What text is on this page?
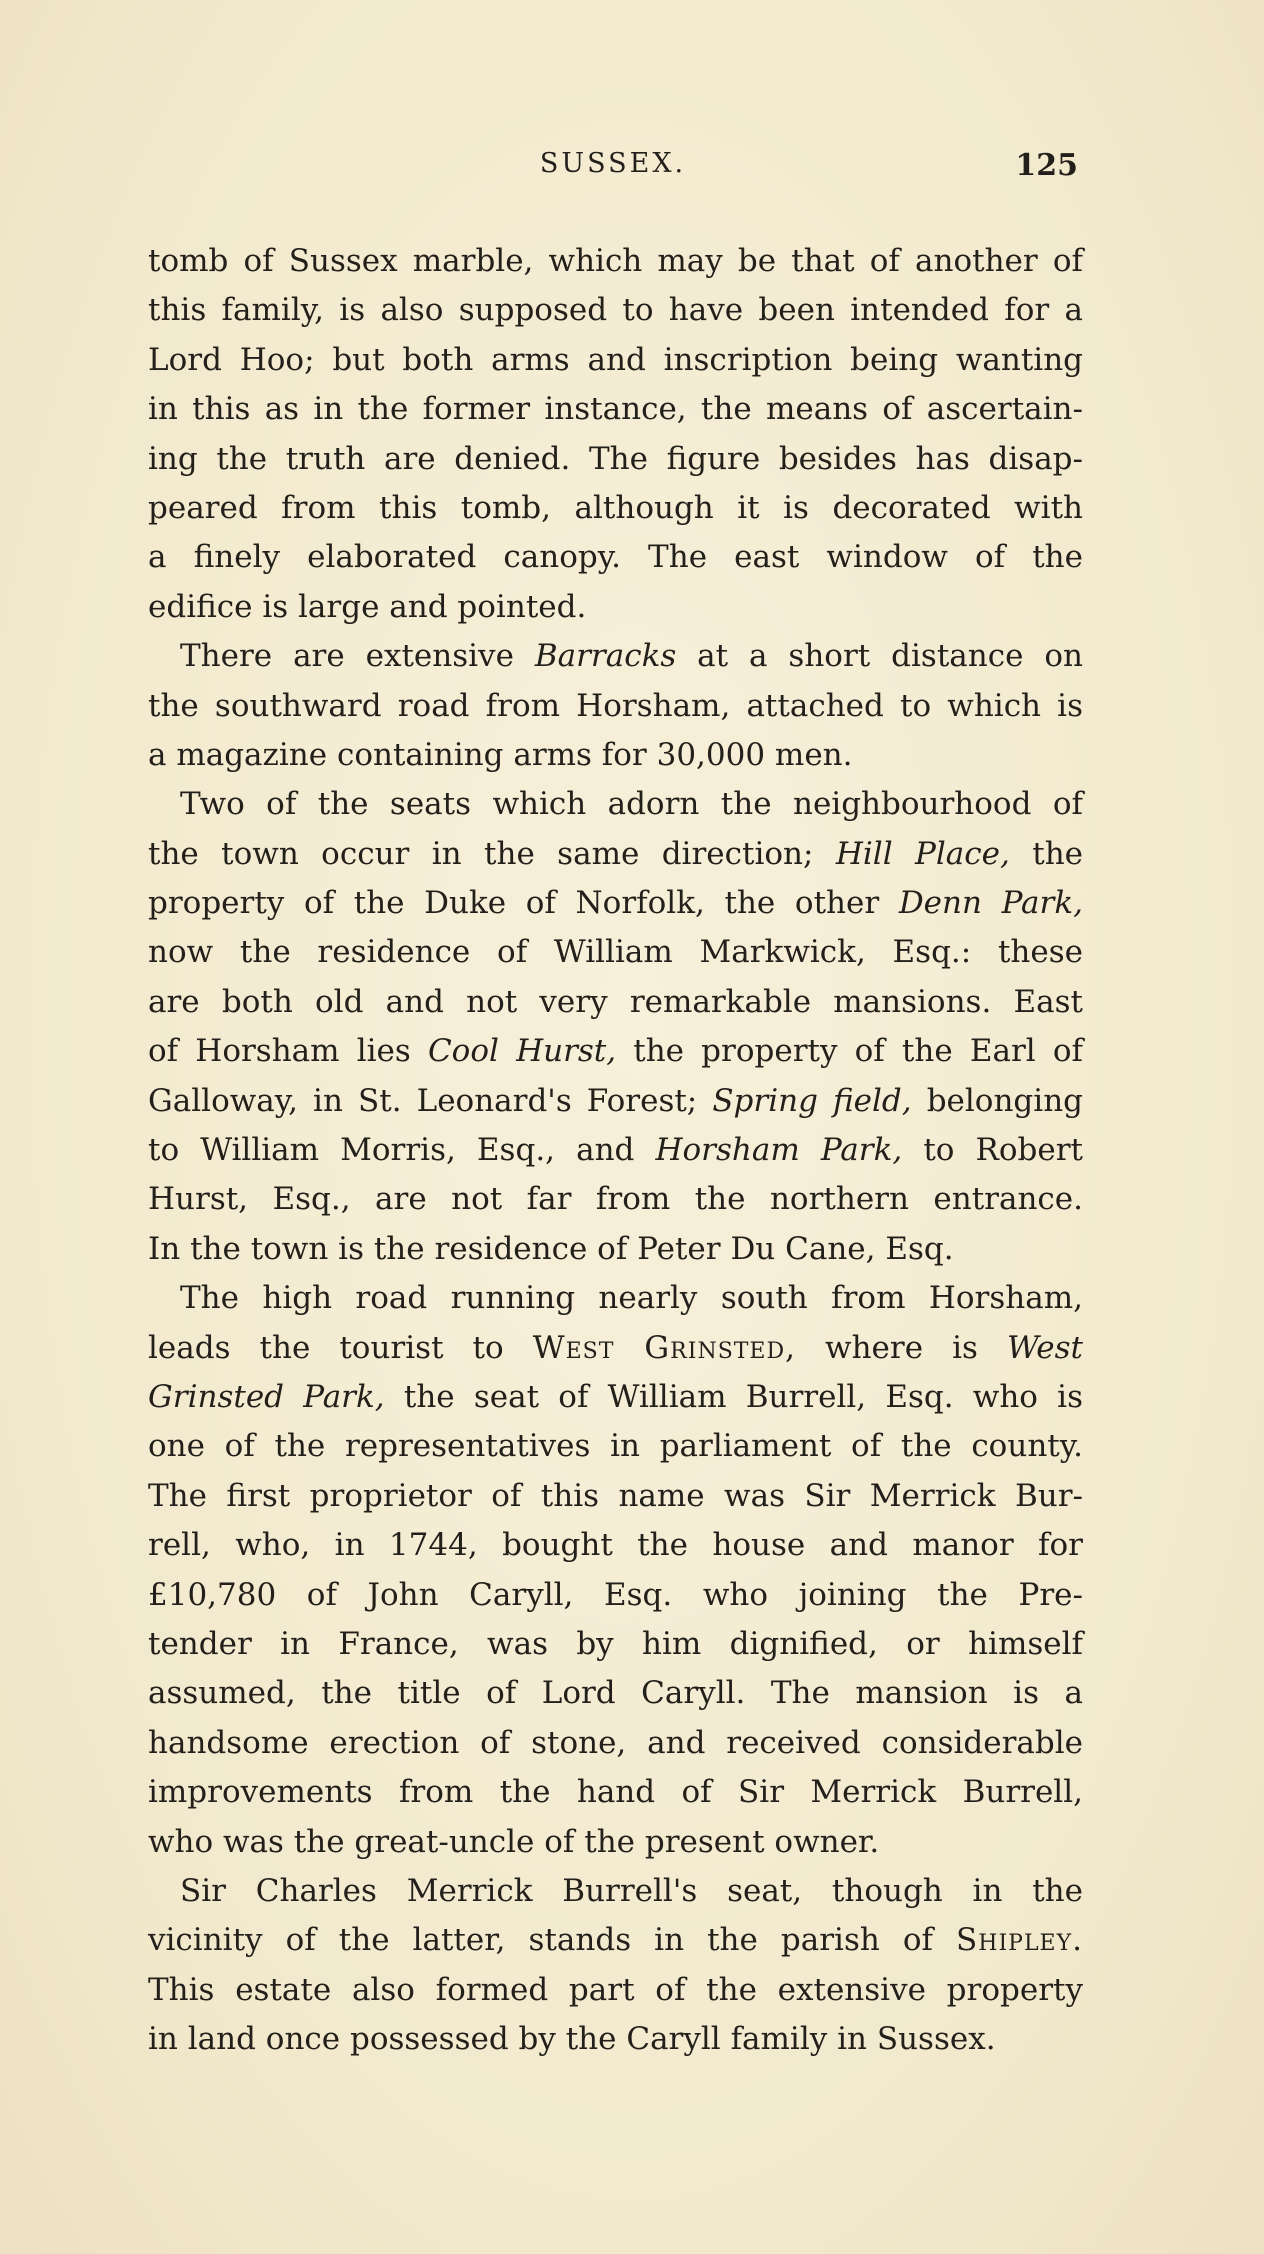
SUSSEX.	125
tomb of Sussex marble, which may be that of another of
this family, is also supposed to have been intended for a
Lord Hoo; but both arms and inscription being wanting
in this as in the former instance, the means of ascertain-
ing the truth are denied. The figure besides has disap-
peared from this tomb, although it is decorated with
a finely elaborated canopy. The east window of the
edifice is large and pointed.
There are extensive Barracks at a short distance on
the southward road from Horsham, attached to which is
a magazine containing arms for 30,000 men.
Two of the seats which adorn the neighbourhood of
the town occur in the same direction; Hill Place, the
property of the Duke of Norfolk, the other Denn Park,
now the residence of William Markwick, Esq.: these
are both old and not very remarkable mansions. East
of Horsham lies Cool Hurst, the property of the Earl of
Galloway, in St. Leonard's Forest; Spring field, belonging
to William Morris, Esq., and Horsham Park, to Robert
Hurst, Esq., are not far from the northern entrance.
In the town is the residence of Peter Du Cane, Esq.
The high road running nearly south from Horsham,
leads the tourist to West Grinsted, where is West
Grinsted Park, the seat of William Burrell, Esq. who is
one of the representatives in parliament of the county.
The first proprietor of this name was Sir Merrick Bur-
rell, who, in 1744, bought the house and manor for
£10,780 of John Caryll, Esq. who joining the Pre-
tender in France, was by him dignified, or himself
assumed, the title of Lord Caryll. The mansion is a
handsome erection of stone, and received considerable
improvements from the hand of Sir Merrick Burrell,
who was the great-uncle of the present owner.
Sir Charles Merrick Burrell's seat, though in the
vicinity of the latter, stands in the parish of Shipley.
This estate also formed part of the extensive property
in land once possessed by the Caryll family in Sussex.
